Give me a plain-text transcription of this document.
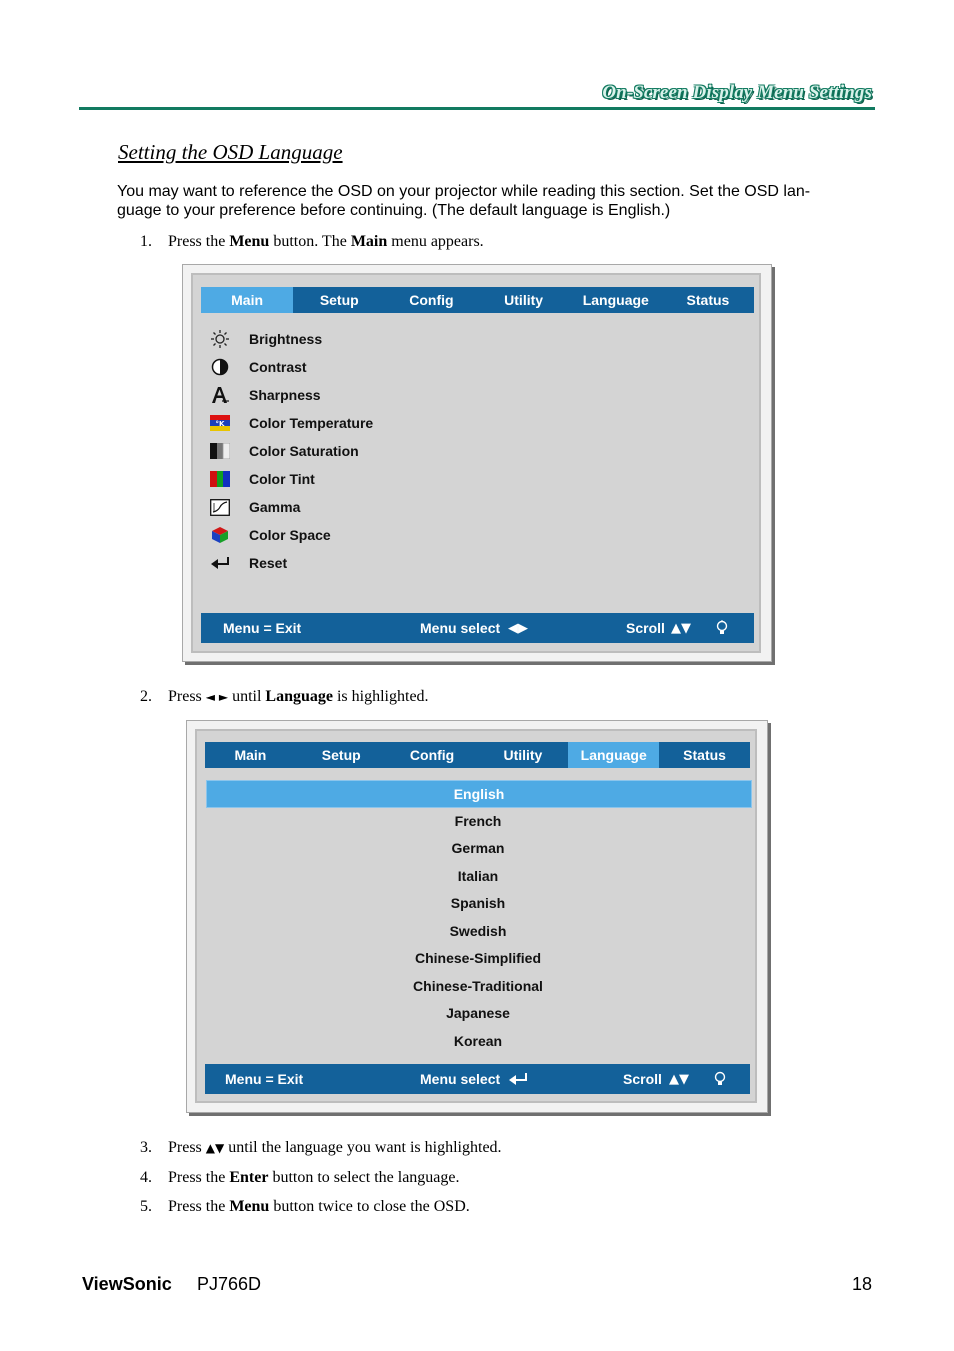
On-Screen Display Menu Settings
Setting the OSD Language
You may want to reference the OSD on your projector while reading this section. Set the OSD lan-
guage to your preference before continuing. (The default language is English.)
1. Press the Menu button. The Main menu appears.
Main	Setup	Config	Utility	Language	Status
Brightness
Contrast
Sharpness
°K Color Temperature
Color Saturation
Color Tint
Gamma
Color Space
Reset
Menu = Exit	Menu select ◀▶	Scroll ▲▼
2. Press ◄ ► until Language is highlighted.
Main	Setup	Config	Utility	Language	Status
English
French
German
Italian
Spanish
Swedish
Chinese-Simplified
Chinese-Traditional
Japanese
Korean
Menu = Exit	Menu select	Scroll ▲▼
3. Press ▲▼ until the language you want is highlighted.
4. Press the Enter button to select the language.
5. Press the Menu button twice to close the OSD.
ViewSonic PJ766D	18
